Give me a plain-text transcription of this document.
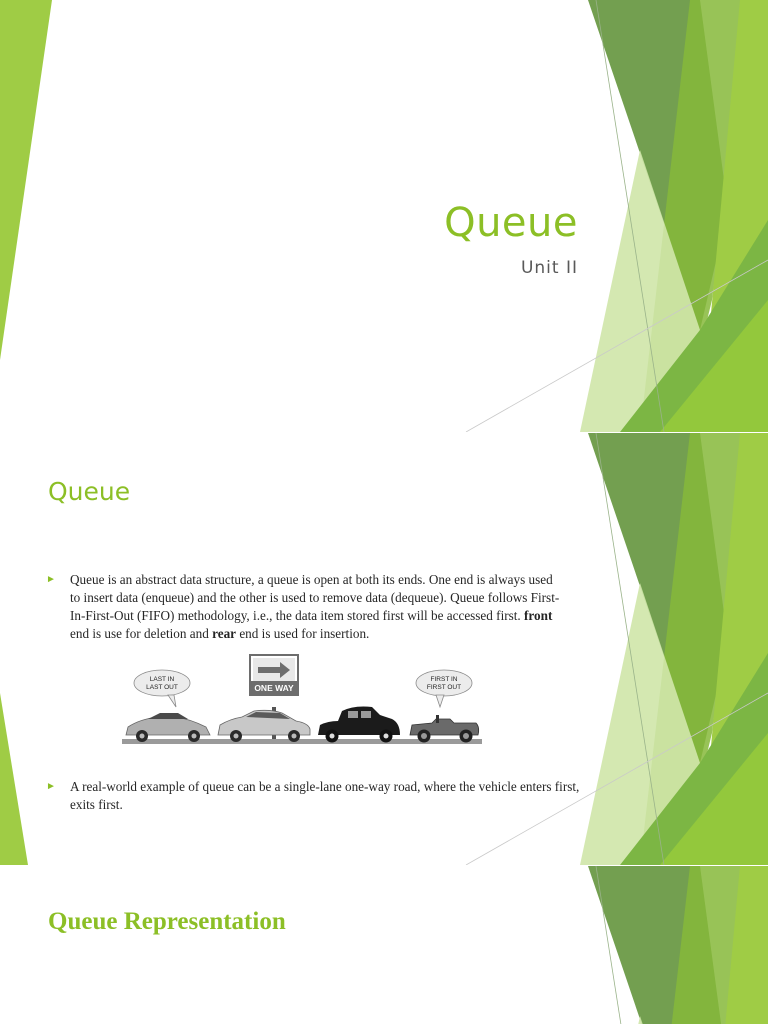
Queue

Unit II

Queue
► Queue is an abstract data structure, a queue is open at both its ends. One end is always used to insert data (enqueue) and the other is used to remove data (dequeue). Queue follows First-In-First-Out (FIFO) methodology, i.e., the data item stored first will be accessed first. front end is use for deletion and rear end is used for insertion.
LAST IN
LAST OUT	ONE WAY
FIRST IN
FIRST OUT
► A real-world example of queue can be a single-lane one-way road, where the vehicle enters first, exits first.
Queue Representation
